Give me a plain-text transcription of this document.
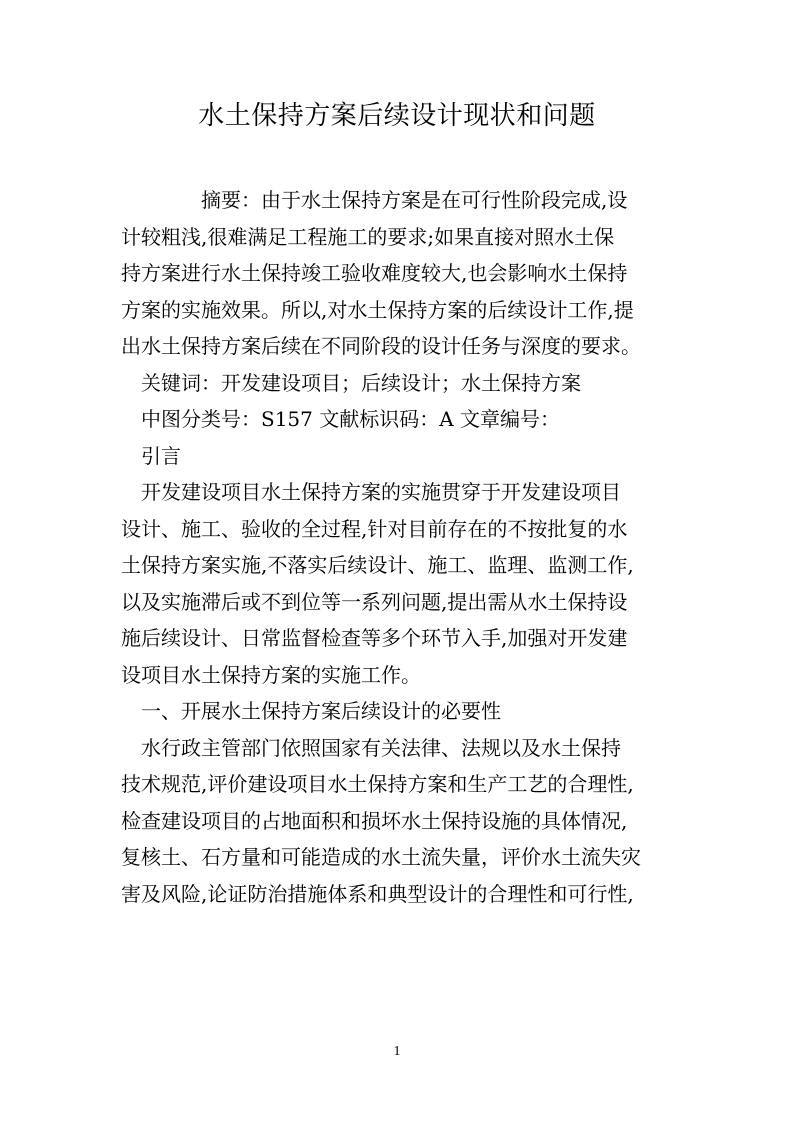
水土保持方案后续设计现状和问题
　　　　摘要：由于水土保持方案是在可行性阶段完成,设
计较粗浅,很难满足工程施工的要求;如果直接对照水土保
持方案进行水土保持竣工验收难度较大,也会影响水土保持
方案的实施效果。所以,对水土保持方案的后续设计工作,提
出水土保持方案后续在不同阶段的设计任务与深度的要求。
　关键词：开发建设项目；后续设计；水土保持方案
　中图分类号：S157 文献标识码：A 文章编号：
　引言
　开发建设项目水土保持方案的实施贯穿于开发建设项目
设计、施工、验收的全过程,针对目前存在的不按批复的水
土保持方案实施,不落实后续设计、施工、监理、监测工作,
以及实施滞后或不到位等一系列问题,提出需从水土保持设
施后续设计、日常监督检查等多个环节入手,加强对开发建
设项目水土保持方案的实施工作。
　一、开展水土保持方案后续设计的必要性
　水行政主管部门依照国家有关法律、法规以及水土保持
技术规范,评价建设项目水土保持方案和生产工艺的合理性,
检查建设项目的占地面积和损坏水土保持设施的具体情况,
复核土、石方量和可能造成的水土流失量，评价水土流失灾
害及风险,论证防治措施体系和典型设计的合理性和可行性,
1
